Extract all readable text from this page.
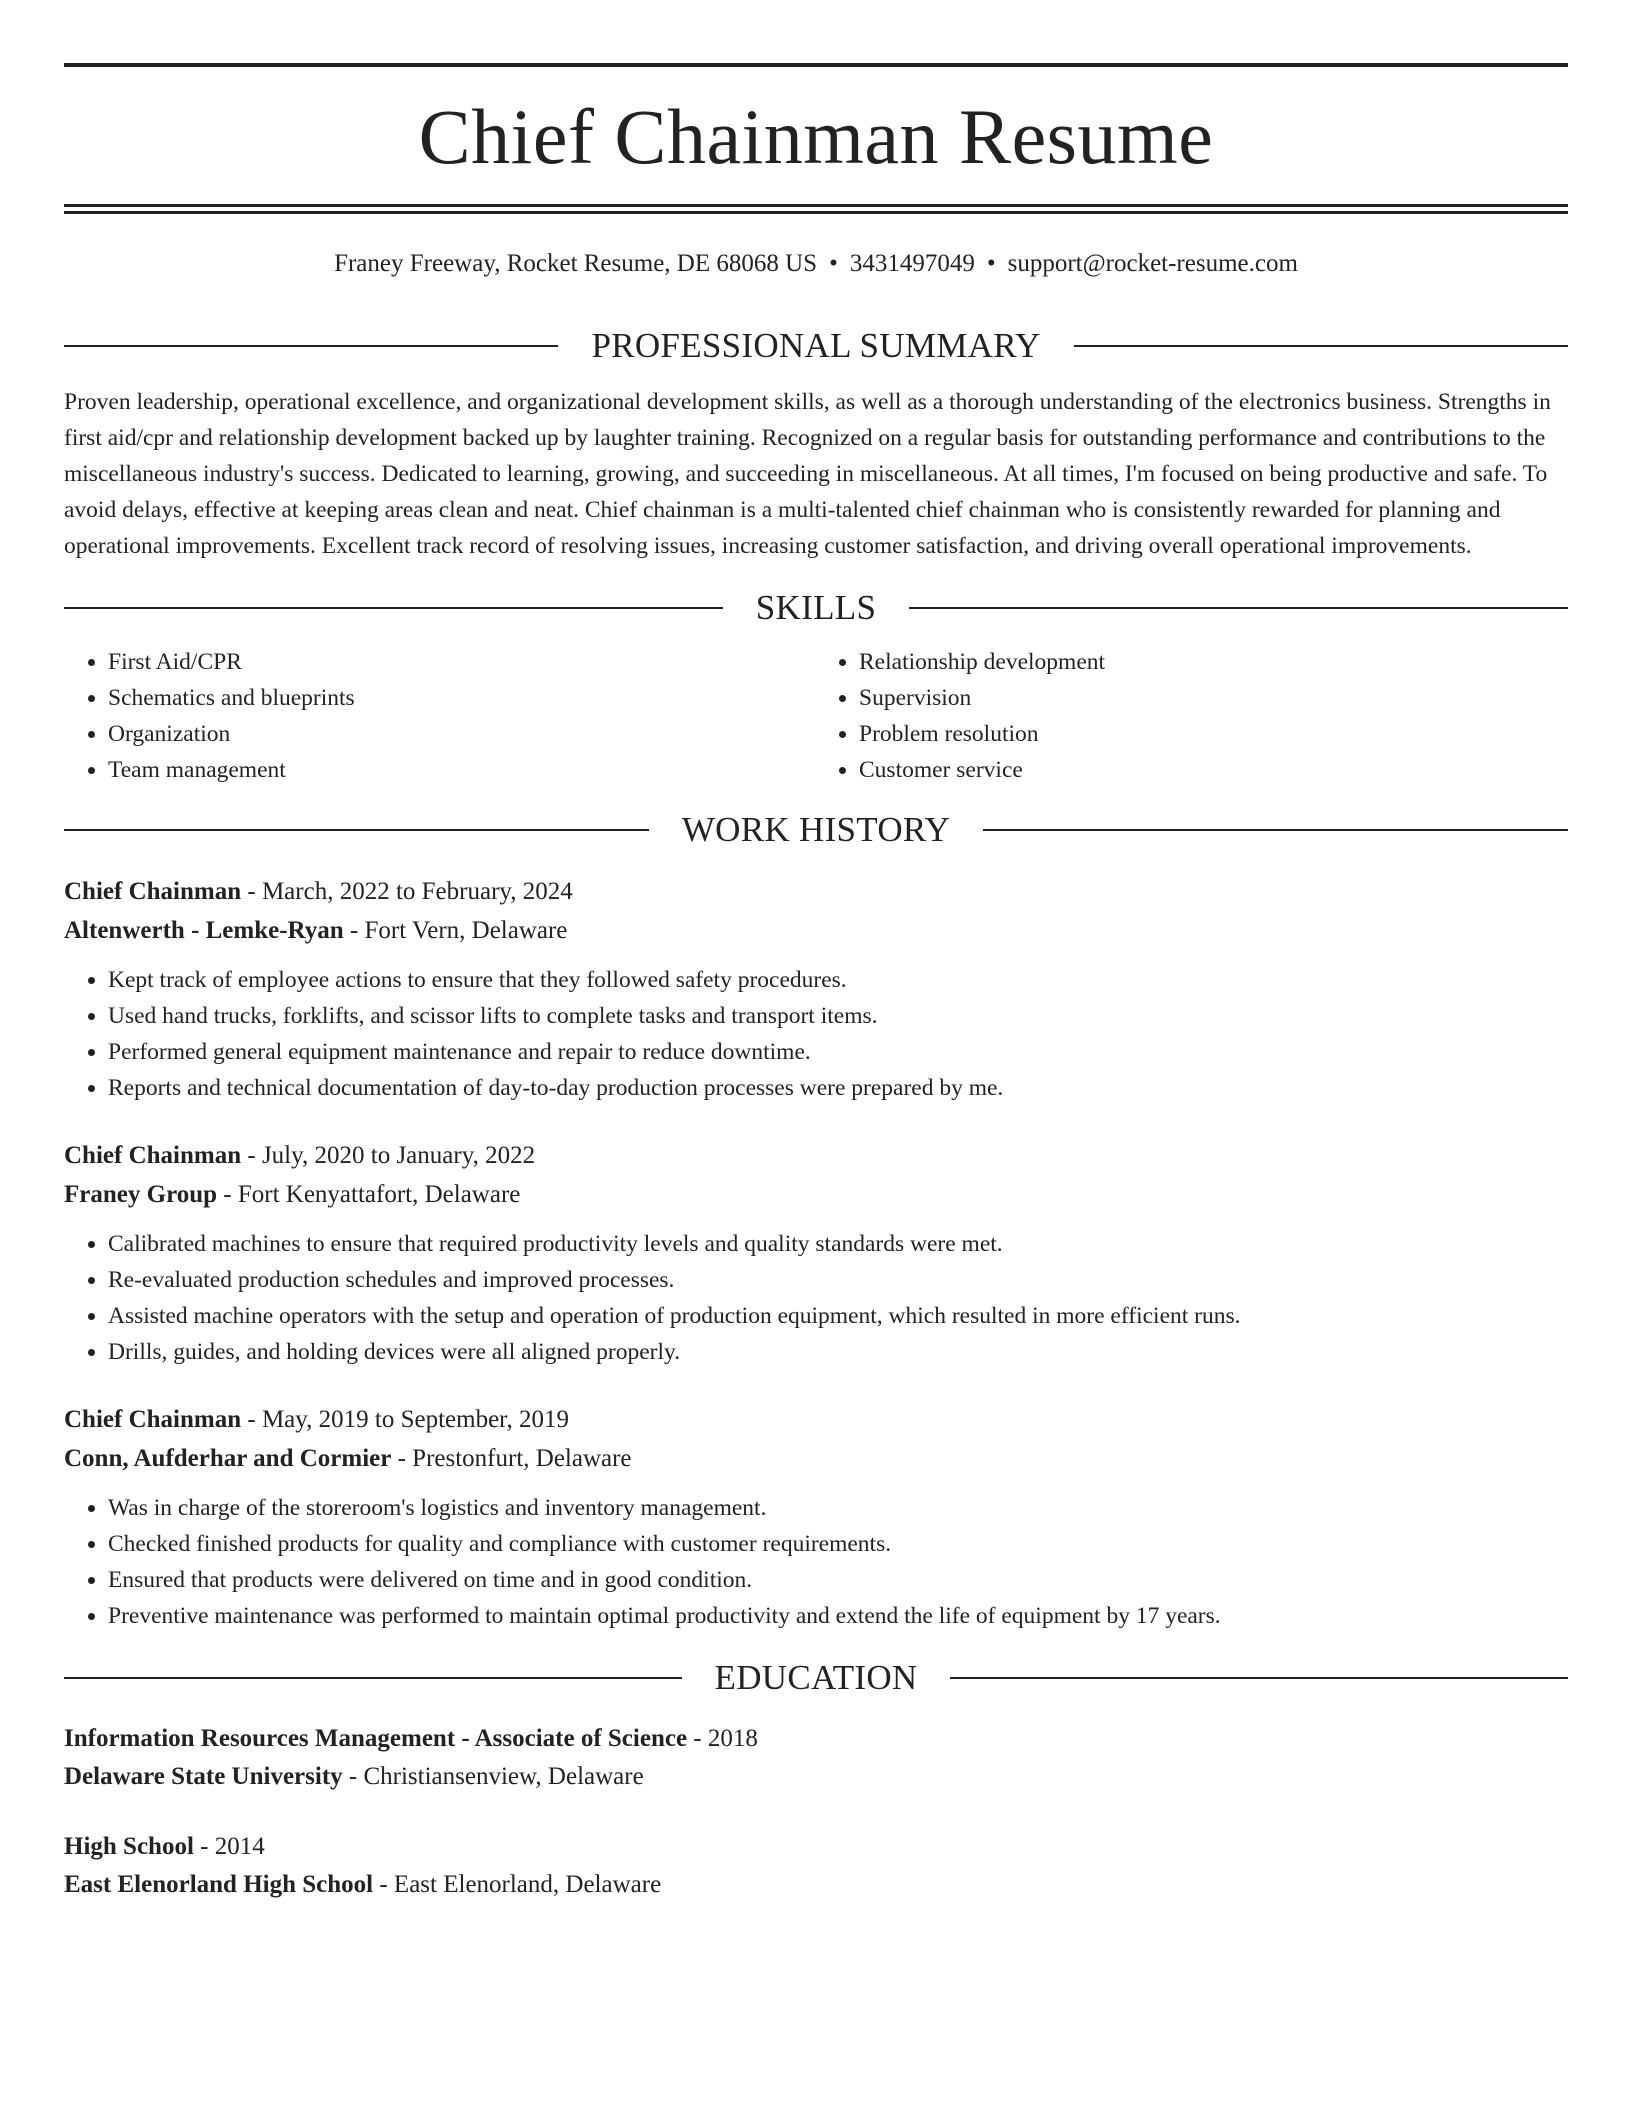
Chief Chainman Resume
Franey Freeway, Rocket Resume, DE 68068 US • 3431497049 • support@rocket-resume.com
PROFESSIONAL SUMMARY

Proven leadership, operational excellence, and organizational development skills, as well as a thorough understanding of the electronics business. Strengths in first aid/cpr and relationship development backed up by laughter training. Recognized on a regular basis for outstanding performance and contributions to the miscellaneous industry's success. Dedicated to learning, growing, and succeeding in miscellaneous. At all times, I'm focused on being productive and safe. To avoid delays, effective at keeping areas clean and neat. Chief chainman is a multi-talented chief chainman who is consistently rewarded for planning and operational improvements. Excellent track record of resolving issues, increasing customer satisfaction, and driving overall operational improvements.

SKILLS
• First Aid/CPR
• Schematics and blueprints
• Organization
• Team management
• Relationship development
• Supervision
• Problem resolution
• Customer service
WORK HISTORY
Chief Chainman - March, 2022 to February, 2024
Altenwerth - Lemke-Ryan - Fort Vern, Delaware
• Kept track of employee actions to ensure that they followed safety procedures.
• Used hand trucks, forklifts, and scissor lifts to complete tasks and transport items.
• Performed general equipment maintenance and repair to reduce downtime.
• Reports and technical documentation of day-to-day production processes were prepared by me.
Chief Chainman - July, 2020 to January, 2022
Franey Group - Fort Kenyattafort, Delaware
• Calibrated machines to ensure that required productivity levels and quality standards were met.
• Re-evaluated production schedules and improved processes.
• Assisted machine operators with the setup and operation of production equipment, which resulted in more efficient runs.
• Drills, guides, and holding devices were all aligned properly.
Chief Chainman - May, 2019 to September, 2019
Conn, Aufderhar and Cormier - Prestonfurt, Delaware
• Was in charge of the storeroom's logistics and inventory management.
• Checked finished products for quality and compliance with customer requirements.
• Ensured that products were delivered on time and in good condition.
• Preventive maintenance was performed to maintain optimal productivity and extend the life of equipment by 17 years.
EDUCATION
Information Resources Management - Associate of Science - 2018
Delaware State University - Christiansenview, Delaware
High School - 2014
East Elenorland High School - East Elenorland, Delaware
